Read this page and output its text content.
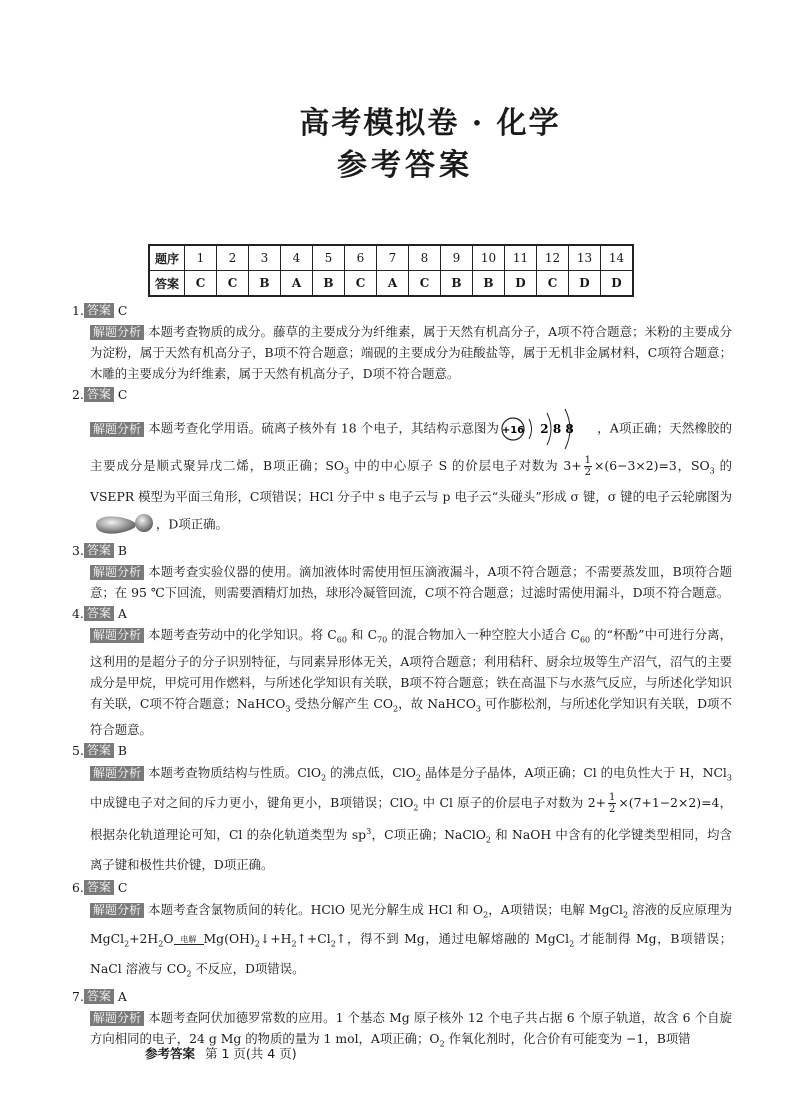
高考模拟卷 · 化学
参考答案
题序	1	2	3	4	5	6	7	8	9	10	11	12	13	14
答案	C	C	B	A	B	C	A	C	B	B	D	C	D	D
1. 答案 C
解题分析 本题考查物质的成分。藤草的主要成分为纤维素，属于天然有机高分子，A项不符合题意；米粉的主要成分为淀粉，属于天然有机高分子，B项不符合题意；端砚的主要成分为硅酸盐等，属于无机非金属材料，C项符合题意；木雕的主要成分为纤维素，属于天然有机高分子，D项不符合题意。
2. 答案 C
解题分析 本题考查化学用语。硫离子核外有 18 个电子，其结构示意图为 +16 2 8 8 ，A项正确；天然橡胶的主要成分是顺式聚异戊二烯，B项正确；$SO_3$ 中的中心原子 S 的价层电子对数为 $3+ \frac{1}{2} \times(6-3\times 2)=3$，$SO_3$ 的 VSEPR 模型为平面三角形，C项错误；HCl 分子中 s 电子云与 p 电子云“头碰头”形成 σ 键，σ 键的电子云轮廓图为，D项正确。
3. 答案 B
解题分析 本题考查实验仪器的使用。滴加液体时需使用恒压滴液漏斗，A项不符合题意；不需要蒸发皿，B项符合题意；在 95 ℃下回流，则需要酒精灯加热，球形冷凝管回流，C项不符合题意；过滤时需使用漏斗，D项不符合题意。
4. 答案 A
解题分析 本题考查劳动中的化学知识。将 $C_{60}$ 和 $C_{70}$ 的混合物加入一种空腔大小适合 $C_{60}$ 的“杯酚”中可进行分离，这利用的是超分子的分子识别特征，与同素异形体无关，A项符合题意；利用秸秆、厨余垃圾等生产沼气，沼气的主要成分是甲烷，甲烷可用作燃料，与所述化学知识有关联，B项不符合题意；铁在高温下与水蒸气反应，与所述化学知识有关联，C项不符合题意；NaHCO$_3$ 受热分解产生 $CO_2$，故 NaHCO$_3$ 可作膨松剂，与所述化学知识有关联，D项不符合题意。
5. 答案 B
解题分析 本题考查物质结构与性质。ClO$_2$ 的沸点低，ClO$_2$ 晶体是分子晶体，A项正确；Cl 的电负性大于 H，NCl$_3$ 中成键电子对之间的斥力更小，键角更小，B项错误；ClO$_2$ 中 Cl 原子的价层电子对数为 $2+ \frac{1}{2} \times(7+1-2\times 2)=4$，根据杂化轨道理论可知，Cl 的杂化轨道类型为 $sp^3$，C项正确；NaClO$_2$ 和 NaOH 中含有的化学键类型相同，均含离子键和极性共价键，D项正确。
6. 答案 C
解题分析 本题考查含氯物质间的转化。HClO 见光分解生成 HCl 和 $O_2$，A项错误；电解 MgCl$_2$ 溶液的反应原理为 $MgCl_2+2H_2O$ 电解 $Mg(OH)_2↓+H_2↑+Cl_2↑$，得不到 Mg，通过电解熔融的 MgCl$_2$ 才能制得 Mg，B项错误；NaCl 溶液与 $CO_2$ 不反应，D项错误。
7. 答案 A
解题分析 本题考查阿伏加德罗常数的应用。1 个基态 Mg 原子核外 12 个电子共占据 6 个原子轨道，故含 6 个自旋方向相同的电子，24 g Mg 的物质的量为 1 mol，A项正确；$O_2$ 作氧化剂时，化合价有可能变为 −1，B项错
参考答案 第 1 页(共 4 页)
